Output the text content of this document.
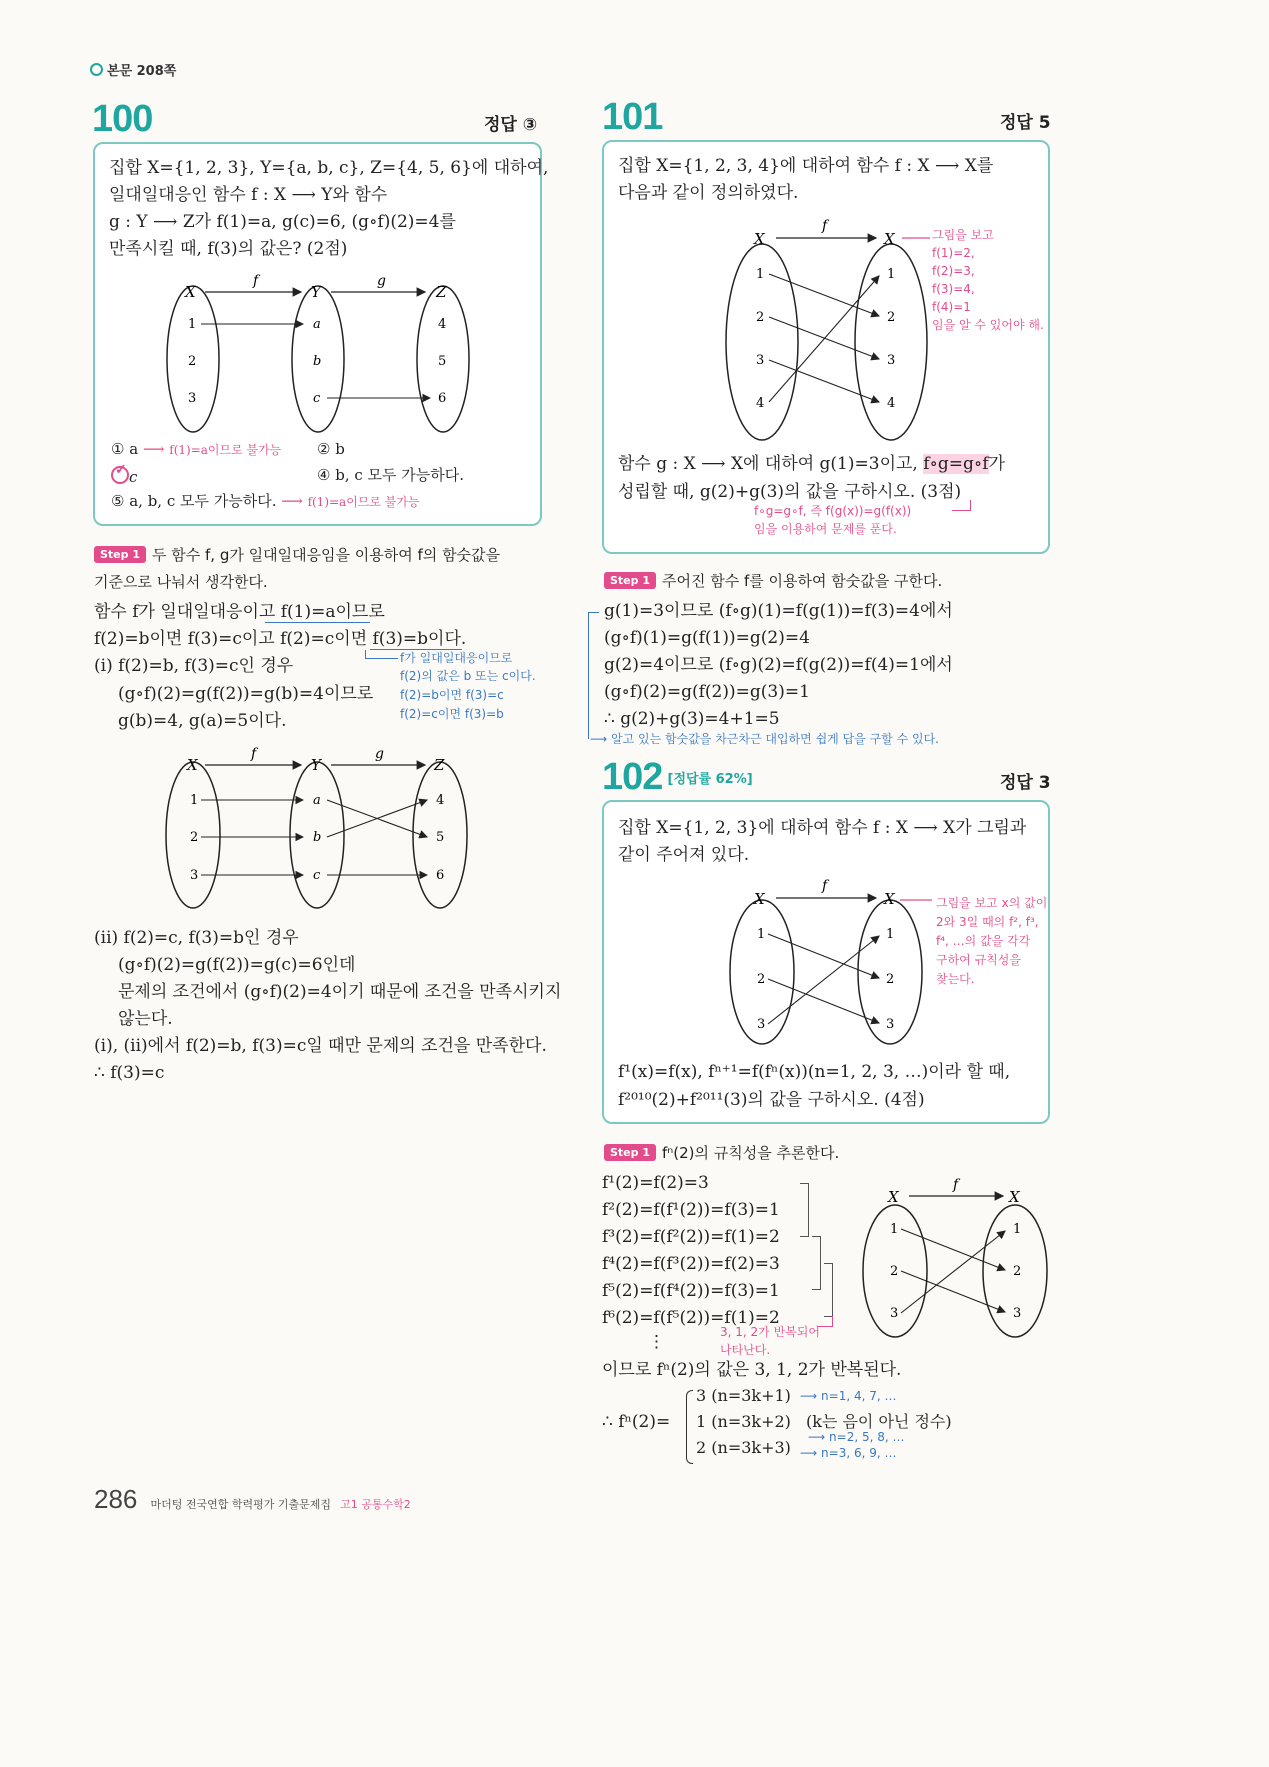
본문 208쪽
100	정답 ③
집합 X={1, 2, 3}, Y={a, b, c}, Z={4, 5, 6}에 대하여,
일대일대응인 함수 f : X ⟶ Y와 함수
g : Y ⟶ Z가 f(1)=a, g(c)=6, (g∘f)(2)=4를
만족시킬 때, f(3)의 값은? (2점)
X	Y	Z
f	g
1
2
3
a
b
c
4
5
6
① a ⟶ f(1)=a이므로 불가능 ② b
✓ c	④ b, c 모두 가능하다.
⑤ a, b, c 모두 가능하다. ⟶ f(1)=a이므로 불가능
Step 1 두 함수 f, g가 일대일대응임을 이용하여 f의 함숫값을
기준으로 나눠서 생각한다.
함수 f가 일대일대응이고 f(1)=a이므로
f(2)=b이면 f(3)=c이고 f(2)=c이면 f(3)=b이다.
(i) f(2)=b, f(3)=c인 경우
(g∘f)(2)=g(f(2))=g(b)=4이므로
g(b)=4, g(a)=5이다.
f가 일대일대응이므로
f(2)의 값은 b 또는 c이다.
f(2)=b이면 f(3)=c
f(2)=c이면 f(3)=b
X	Y	Z
f	g
1
2
3
a
b
c
4
5
6
(ii) f(2)=c, f(3)=b인 경우
(g∘f)(2)=g(f(2))=g(c)=6인데
문제의 조건에서 (g∘f)(2)=4이기 때문에 조건을 만족시키지
않는다.
(i), (ii)에서 f(2)=b, f(3)=c일 때만 문제의 조건을 만족한다.
∴ f(3)=c
101	정답 5
집합 X={1, 2, 3, 4}에 대하여 함수 f : X ⟶ X를
다음과 같이 정의하였다.
X	X
f
1
2
3
4
1
2
3
4
그림을 보고
f(1)=2,
f(2)=3,
f(3)=4,
f(4)=1
임을 알 수 있어야 해.
함수 g : X ⟶ X에 대하여 g(1)=3이고, f∘g=g∘f가
성립할 때, g(2)+g(3)의 값을 구하시오. (3점)
f∘g=g∘f, 즉 f(g(x))=g(f(x))
임을 이용하여 문제를 푼다.
Step 1 주어진 함수 f를 이용하여 함숫값을 구한다.
g(1)=3이므로 (f∘g)(1)=f(g(1))=f(3)=4에서
(g∘f)(1)=g(f(1))=g(2)=4
g(2)=4이므로 (f∘g)(2)=f(g(2))=f(4)=1에서
(g∘f)(2)=g(f(2))=g(3)=1
∴ g(2)+g(3)=4+1=5
⟶ 알고 있는 함숫값을 차근차근 대입하면 쉽게 답을 구할 수 있다.
102 [정답률 62%]	정답 3
집합 X={1, 2, 3}에 대하여 함수 f : X ⟶ X가 그림과
같이 주어져 있다.
X	X
f
1
2
3
1
2
3
그림을 보고 x의 값이
2와 3일 때의 f², f³,
f⁴, …의 값을 각각
구하여 규칙성을
찾는다.
f¹(x)=f(x), fⁿ⁺¹=f(fⁿ(x))(n=1, 2, 3, …)이라 할 때,
f²⁰¹⁰(2)+f²⁰¹¹(3)의 값을 구하시오. (4점)
Step 1 fⁿ(2)의 규칙성을 추론한다.
f¹(2)=f(2)=3
f²(2)=f(f¹(2))=f(3)=1
f³(2)=f(f²(2))=f(1)=2
f⁴(2)=f(f³(2))=f(2)=3
f⁵(2)=f(f⁴(2))=f(3)=1
f⁶(2)=f(f⁵(2))=f(1)=2
⋮	3, 1, 2가 반복되어
나타난다.
X	X
f
1
2
3
1
2
3
이므로 fⁿ(2)의 값은 3, 1, 2가 반복된다.
∴ fⁿ(2)=
3 (n=3k+1)
1 (n=3k+2)
2 (n=3k+3)
(k는 음이 아닌 정수)
⟶ n=1, 4, 7, …
⟶ n=2, 5, 8, …
⟶ n=3, 6, 9, …
286 마더텅 전국연합 학력평가 기출문제집 고1 공통수학2
